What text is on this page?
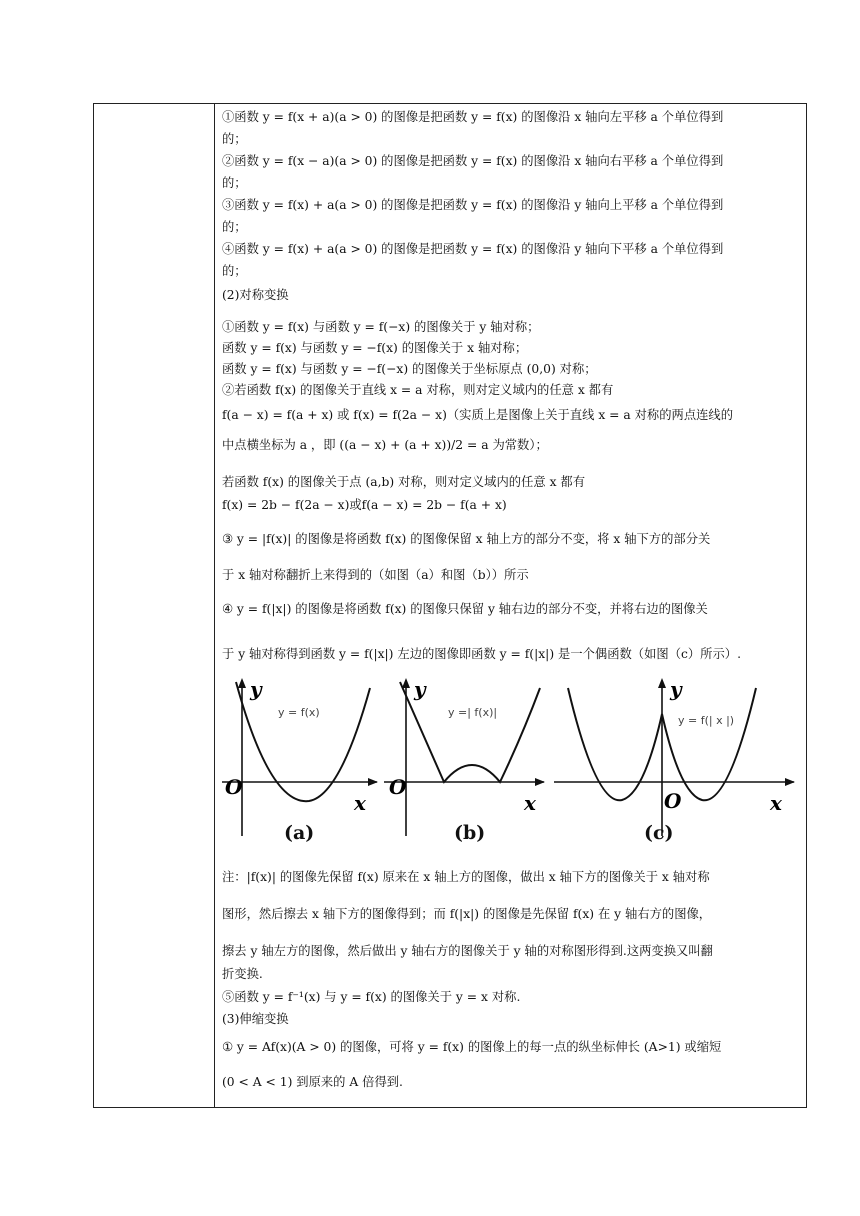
①函数 y = f(x + a)(a > 0) 的图像是把函数 y = f(x) 的图像沿 x 轴向左平移 a 个单位得到
的；
②函数 y = f(x − a)(a > 0) 的图像是把函数 y = f(x) 的图像沿 x 轴向右平移 a 个单位得到
的；
③函数 y = f(x) + a(a > 0) 的图像是把函数 y = f(x) 的图像沿 y 轴向上平移 a 个单位得到
的；
④函数 y = f(x) + a(a > 0) 的图像是把函数 y = f(x) 的图像沿 y 轴向下平移 a 个单位得到
的；
(2)对称变换
①函数 y = f(x) 与函数 y = f(−x) 的图像关于 y 轴对称；
函数 y = f(x) 与函数 y = −f(x) 的图像关于 x 轴对称；
函数 y = f(x) 与函数 y = −f(−x) 的图像关于坐标原点 (0,0) 对称；
②若函数 f(x) 的图像关于直线 x = a 对称，则对定义域内的任意 x 都有
f(a − x) = f(a + x) 或 f(x) = f(2a − x)（实质上是图像上关于直线 x = a 对称的两点连线的
中点横坐标为 a ，即 ((a − x) + (a + x))/2 = a 为常数）；
若函数 f(x) 的图像关于点 (a,b) 对称，则对定义域内的任意 x 都有
f(x) = 2b − f(2a − x)或f(a − x) = 2b − f(a + x)
③ y = |f(x)| 的图像是将函数 f(x) 的图像保留 x 轴上方的部分不变，将 x 轴下方的部分关
于 x 轴对称翻折上来得到的（如图（a）和图（b））所示
④ y = f(|x|) 的图像是将函数 f(x) 的图像只保留 y 轴右边的部分不变，并将右边的图像关
于 y 轴对称得到函数 y = f(|x|) 左边的图像即函数 y = f(|x|) 是一个偶函数（如图（c）所示）.
O
y
x
y = f(x)
(a)
O
y
x
y =| f(x)|
(b)
O
y
x
y = f(| x |)
(c)
注：|f(x)| 的图像先保留 f(x) 原来在 x 轴上方的图像，做出 x 轴下方的图像关于 x 轴对称
图形，然后擦去 x 轴下方的图像得到；而 f(|x|) 的图像是先保留 f(x) 在 y 轴右方的图像，
擦去 y 轴左方的图像，然后做出 y 轴右方的图像关于 y 轴的对称图形得到.这两变换又叫翻
折变换.
⑤函数 y = f⁻¹(x) 与 y = f(x) 的图像关于 y = x 对称.
(3)伸缩变换
① y = Af(x)(A > 0) 的图像，可将 y = f(x) 的图像上的每一点的纵坐标伸长 (A>1) 或缩短
(0 < A < 1) 到原来的 A 倍得到.
